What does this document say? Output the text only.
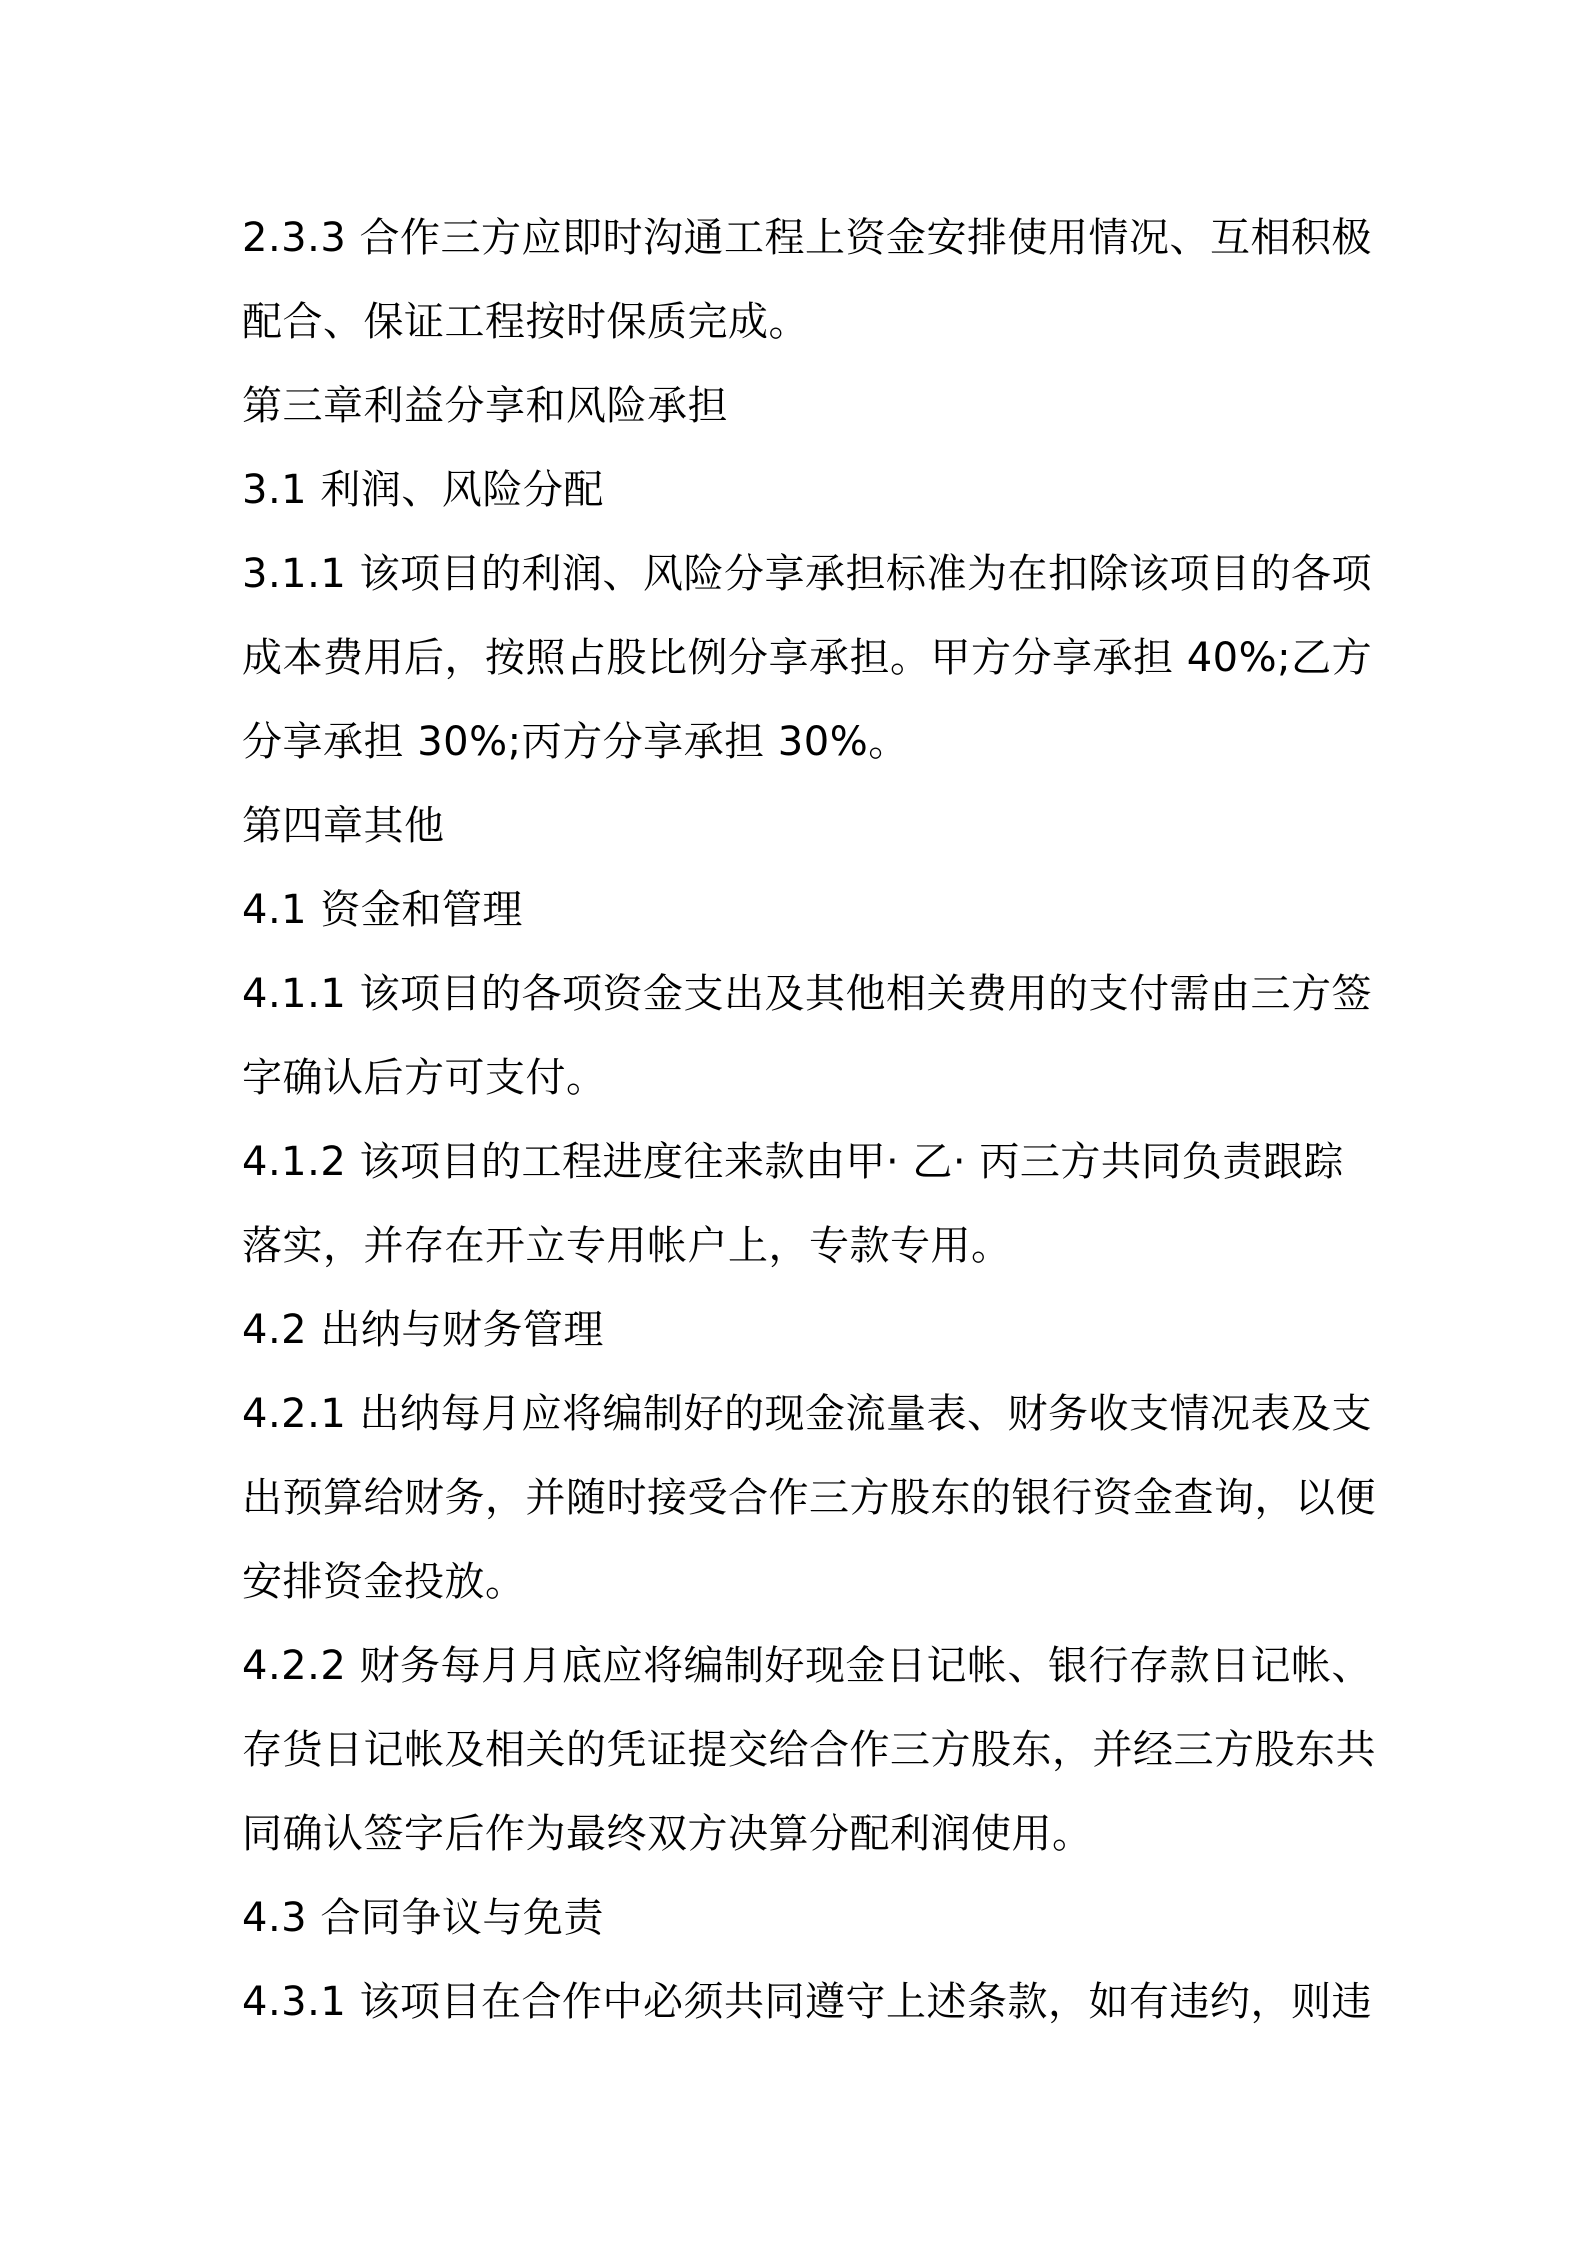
2.3.3 合作三方应即时沟通工程上资金安排使用情况、互相积极
配合、保证工程按时保质完成。
第三章利益分享和风险承担
3.1 利润、风险分配
3.1.1 该项目的利润、风险分享承担标准为在扣除该项目的各项
成本费用后，按照占股比例分享承担。甲方分享承担 40%;乙方
分享承担 30%;丙方分享承担 30%。
第四章其他
4.1 资金和管理
4.1.1 该项目的各项资金支出及其他相关费用的支付需由三方签
字确认后方可支付。
4.1.2 该项目的工程进度往来款由甲· 乙· 丙三方共同负责跟踪
落实，并存在开立专用帐户上，专款专用。
4.2 出纳与财务管理
4.2.1 出纳每月应将编制好的现金流量表、财务收支情况表及支
出预算给财务，并随时接受合作三方股东的银行资金查询，以便
安排资金投放。
4.2.2 财务每月月底应将编制好现金日记帐、银行存款日记帐、
存货日记帐及相关的凭证提交给合作三方股东，并经三方股东共
同确认签字后作为最终双方决算分配利润使用。
4.3 合同争议与免责
4.3.1 该项目在合作中必须共同遵守上述条款，如有违约，则违
